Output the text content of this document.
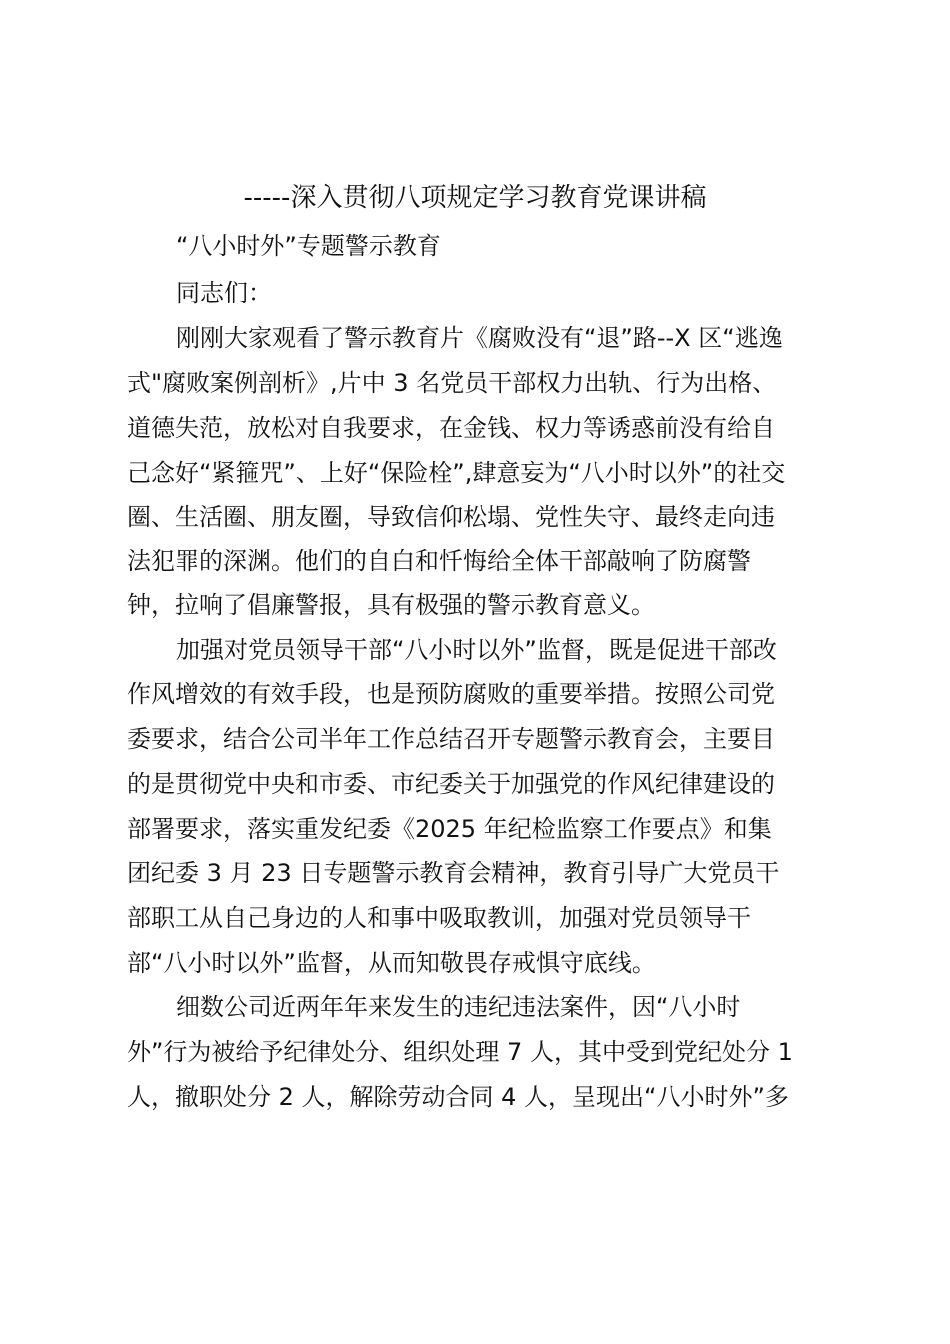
-----深入贯彻八项规定学习教育党课讲稿
“八小时外”专题警示教育
同志们：
刚刚大家观看了警示教育片《腐败没有“退”路--X 区“逃逸
式"腐败案例剖析》,片中 3 名党员干部权力出轨、行为出格、
道德失范，放松对自我要求，在金钱、权力等诱惑前没有给自
己念好“紧箍咒”、上好“保险栓”,肆意妄为“八小时以外”的社交
圈、生活圈、朋友圈，导致信仰松塌、党性失守、最终走向违
法犯罪的深渊。他们的自白和忏悔给全体干部敲响了防腐警
钟，拉响了倡廉警报，具有极强的警示教育意义。
加强对党员领导干部“八小时以外”监督，既是促进干部改
作风增效的有效手段，也是预防腐败的重要举措。按照公司党
委要求，结合公司半年工作总结召开专题警示教育会，主要目
的是贯彻党中央和市委、市纪委关于加强党的作风纪律建设的
部署要求，落实重发纪委《2025 年纪检监察工作要点》和集
团纪委 3 月 23 日专题警示教育会精神，教育引导广大党员干
部职工从自己身边的人和事中吸取教训，加强对党员领导干
部“八小时以外”监督，从而知敬畏存戒惧守底线。
细数公司近两年年来发生的违纪违法案件，因“八小时
外”行为被给予纪律处分、组织处理 7 人，其中受到党纪处分 1
人，撤职处分 2 人，解除劳动合同 4 人，呈现出“八小时外”多
